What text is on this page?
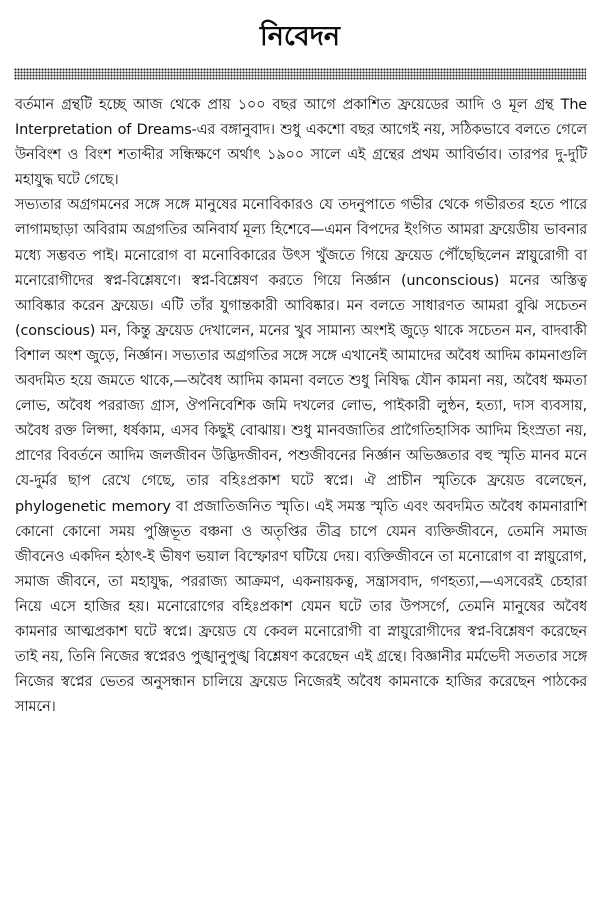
নিবেদন

বর্তমান গ্রন্থটি হচ্ছে আজ থেকে প্রায় ১০০ বছর আগে প্রকাশিত ফ্রয়েডের আদি ও মূল গ্রন্থ The Interpretation of Dreams-এর বঙ্গানুবাদ। শুধু একশো বছর আগেই নয়, সঠিকভাবে বলতে গেলে উনবিংশ ও বিংশ শতাব্দীর সন্ধিক্ষণে অর্থাৎ ১৯০০ সালে এই গ্রন্থের প্রথম আবির্ভাব। তারপর দু-দুটি মহাযুদ্ধ ঘটে গেছে।

সভ্যতার অগ্রগমনের সঙ্গে সঙ্গে মানুষের মনোবিকারও যে তদনুপাতে গভীর থেকে গভীরতর হতে পারে লাগামছাড়া অবিরাম অগ্রগতির অনিবার্য মূল্য হিশেবে—এমন বিপদের ইংগিত আমরা ফ্রয়েডীয় ভাবনার মধ্যে সম্ভবত পাই। মনোরোগ বা মনোবিকারের উৎস খুঁজতে গিয়ে ফ্রয়েড পৌঁছেছিলেন স্নায়ুরোগী বা মনোরোগীদের স্বপ্ন-বিশ্লেষণে। স্বপ্ন-বিশ্লেষণ করতে গিয়ে নির্জ্ঞান (unconscious) মনের অস্তিত্ব আবিষ্কার করেন ফ্রয়েড। এটি তাঁর যুগান্তকারী আবিষ্কার। মন বলতে সাধারণত আমরা বুঝি সচেতন (conscious) মন, কিন্তু ফ্রয়েড দেখালেন, মনের খুব সামান্য অংশই জুড়ে থাকে সচেতন মন, বাদবাকী বিশাল অংশ জুড়ে, নির্জ্ঞান। সভ্যতার অগ্রগতির সঙ্গে সঙ্গে এখানেই আমাদের অবৈধ আদিম কামনাগুলি অবদমিত হয়ে জমতে থাকে,—অবৈধ আদিম কামনা বলতে শুধু নিষিদ্ধ যৌন কামনা নয়, অবৈধ ক্ষমতা লোভ, অবৈধ পররাজ্য গ্রাস, ঔপনিবেশিক জমি দখলের লোভ, পাইকারী লুন্ঠন, হত্যা, দাস ব্যবসায়, অবৈধ রক্ত লিপ্সা, ধর্ষকাম, এসব কিছুই বোঝায়। শুধু মানবজাতির প্রাগৈতিহাসিক আদিম হিংস্রতা নয়, প্রাণের বিবর্তনে আদিম জলজীবন উদ্ভিদজীবন, পশুজীবনের নির্জ্ঞান অভিজ্ঞতার বহু স্মৃতি মানব মনে যে-দুর্মর ছাপ রেখে গেছে, তার বহিঃপ্রকাশ ঘটে স্বপ্নে। ঐ প্রাচীন স্মৃতিকে ফ্রয়েড বলেছেন, phylogenetic memory বা প্রজাতিজনিত স্মৃতি। এই সমস্ত স্মৃতি এবং অবদমিত অবৈধ কামনারাশি কোনো কোনো সময় পুঞ্জিভূত বঞ্চনা ও অতৃপ্তির তীব্র চাপে যেমন ব্যক্তিজীবনে, তেমনি সমাজ জীবনেও একদিন হঠাৎ-ই ভীষণ ভয়াল বিস্ফোরণ ঘটিয়ে দেয়। ব্যক্তিজীবনে তা মনোরোগ বা স্নায়ুরোগ, সমাজ জীবনে, তা মহাযুদ্ধ, পররাজ্য আক্রমণ, একনায়কত্ব, সন্ত্রাসবাদ, গণহত্যা,—এসবেরই চেহারা নিয়ে এসে হাজির হয়। মনোরোগের বহিঃপ্রকাশ যেমন ঘটে তার উপসর্গে, তেমনি মানুষের অবৈধ কামনার আত্মপ্রকাশ ঘটে স্বপ্নে। ফ্রয়েড যে কেবল মনোরোগী বা স্নায়ুরোগীদের স্বপ্ন-বিশ্লেষণ করেছেন তাই নয়, তিনি নিজের স্বপ্নেরও পুঙ্খানুপুঙ্খ বিশ্লেষণ করেছেন এই গ্রন্থে। বিজ্ঞানীর মর্মভেদী সততার সঙ্গে নিজের স্বপ্নের ভেতর অনুসন্ধান চালিয়ে ফ্রয়েড নিজেরই অবৈধ কামনাকে হাজির করেছেন পাঠকের সামনে।
